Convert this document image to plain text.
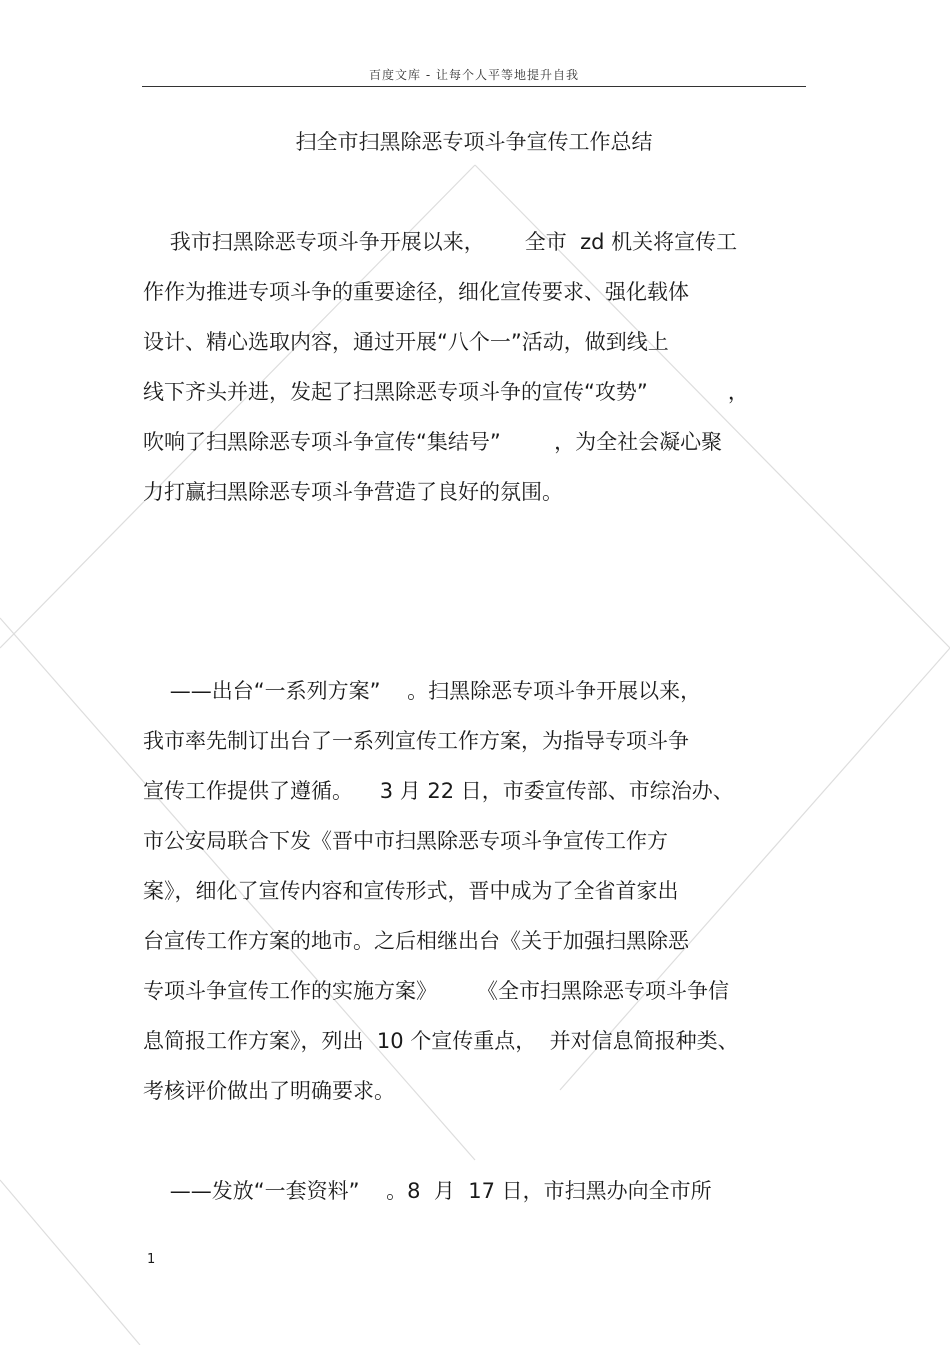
百度文库 - 让每个人平等地提升自我
扫全市扫黑除恶专项斗争宣传工作总结
我市扫黑除恶专项斗争开展以来，      全市  zd 机关将宣传工
作作为推进专项斗争的重要途径，细化宣传要求、强化载体
设计、精心选取内容，通过开展“八个一”活动，做到线上
线下齐头并进，发起了扫黑除恶专项斗争的宣传“攻势”            ，
吹响了扫黑除恶专项斗争宣传“集结号”        ，为全社会凝心聚
力打赢扫黑除恶专项斗争营造了良好的氛围。
——出台“一系列方案”    。扫黑除恶专项斗争开展以来，
我市率先制订出台了一系列宣传工作方案，为指导专项斗争
宣传工作提供了遵循。    3 月 22 日，市委宣传部、市综治办、
市公安局联合下发《晋中市扫黑除恶专项斗争宣传工作方
案》，细化了宣传内容和宣传形式，晋中成为了全省首家出
台宣传工作方案的地市。之后相继出台《关于加强扫黑除恶
专项斗争宣传工作的实施方案》      《全市扫黑除恶专项斗争信
息简报工作方案》，列出  10 个宣传重点，  并对信息简报种类、
考核评价做出了明确要求。
——发放“一套资料”    。8  月  17 日，市扫黑办向全市所
1
